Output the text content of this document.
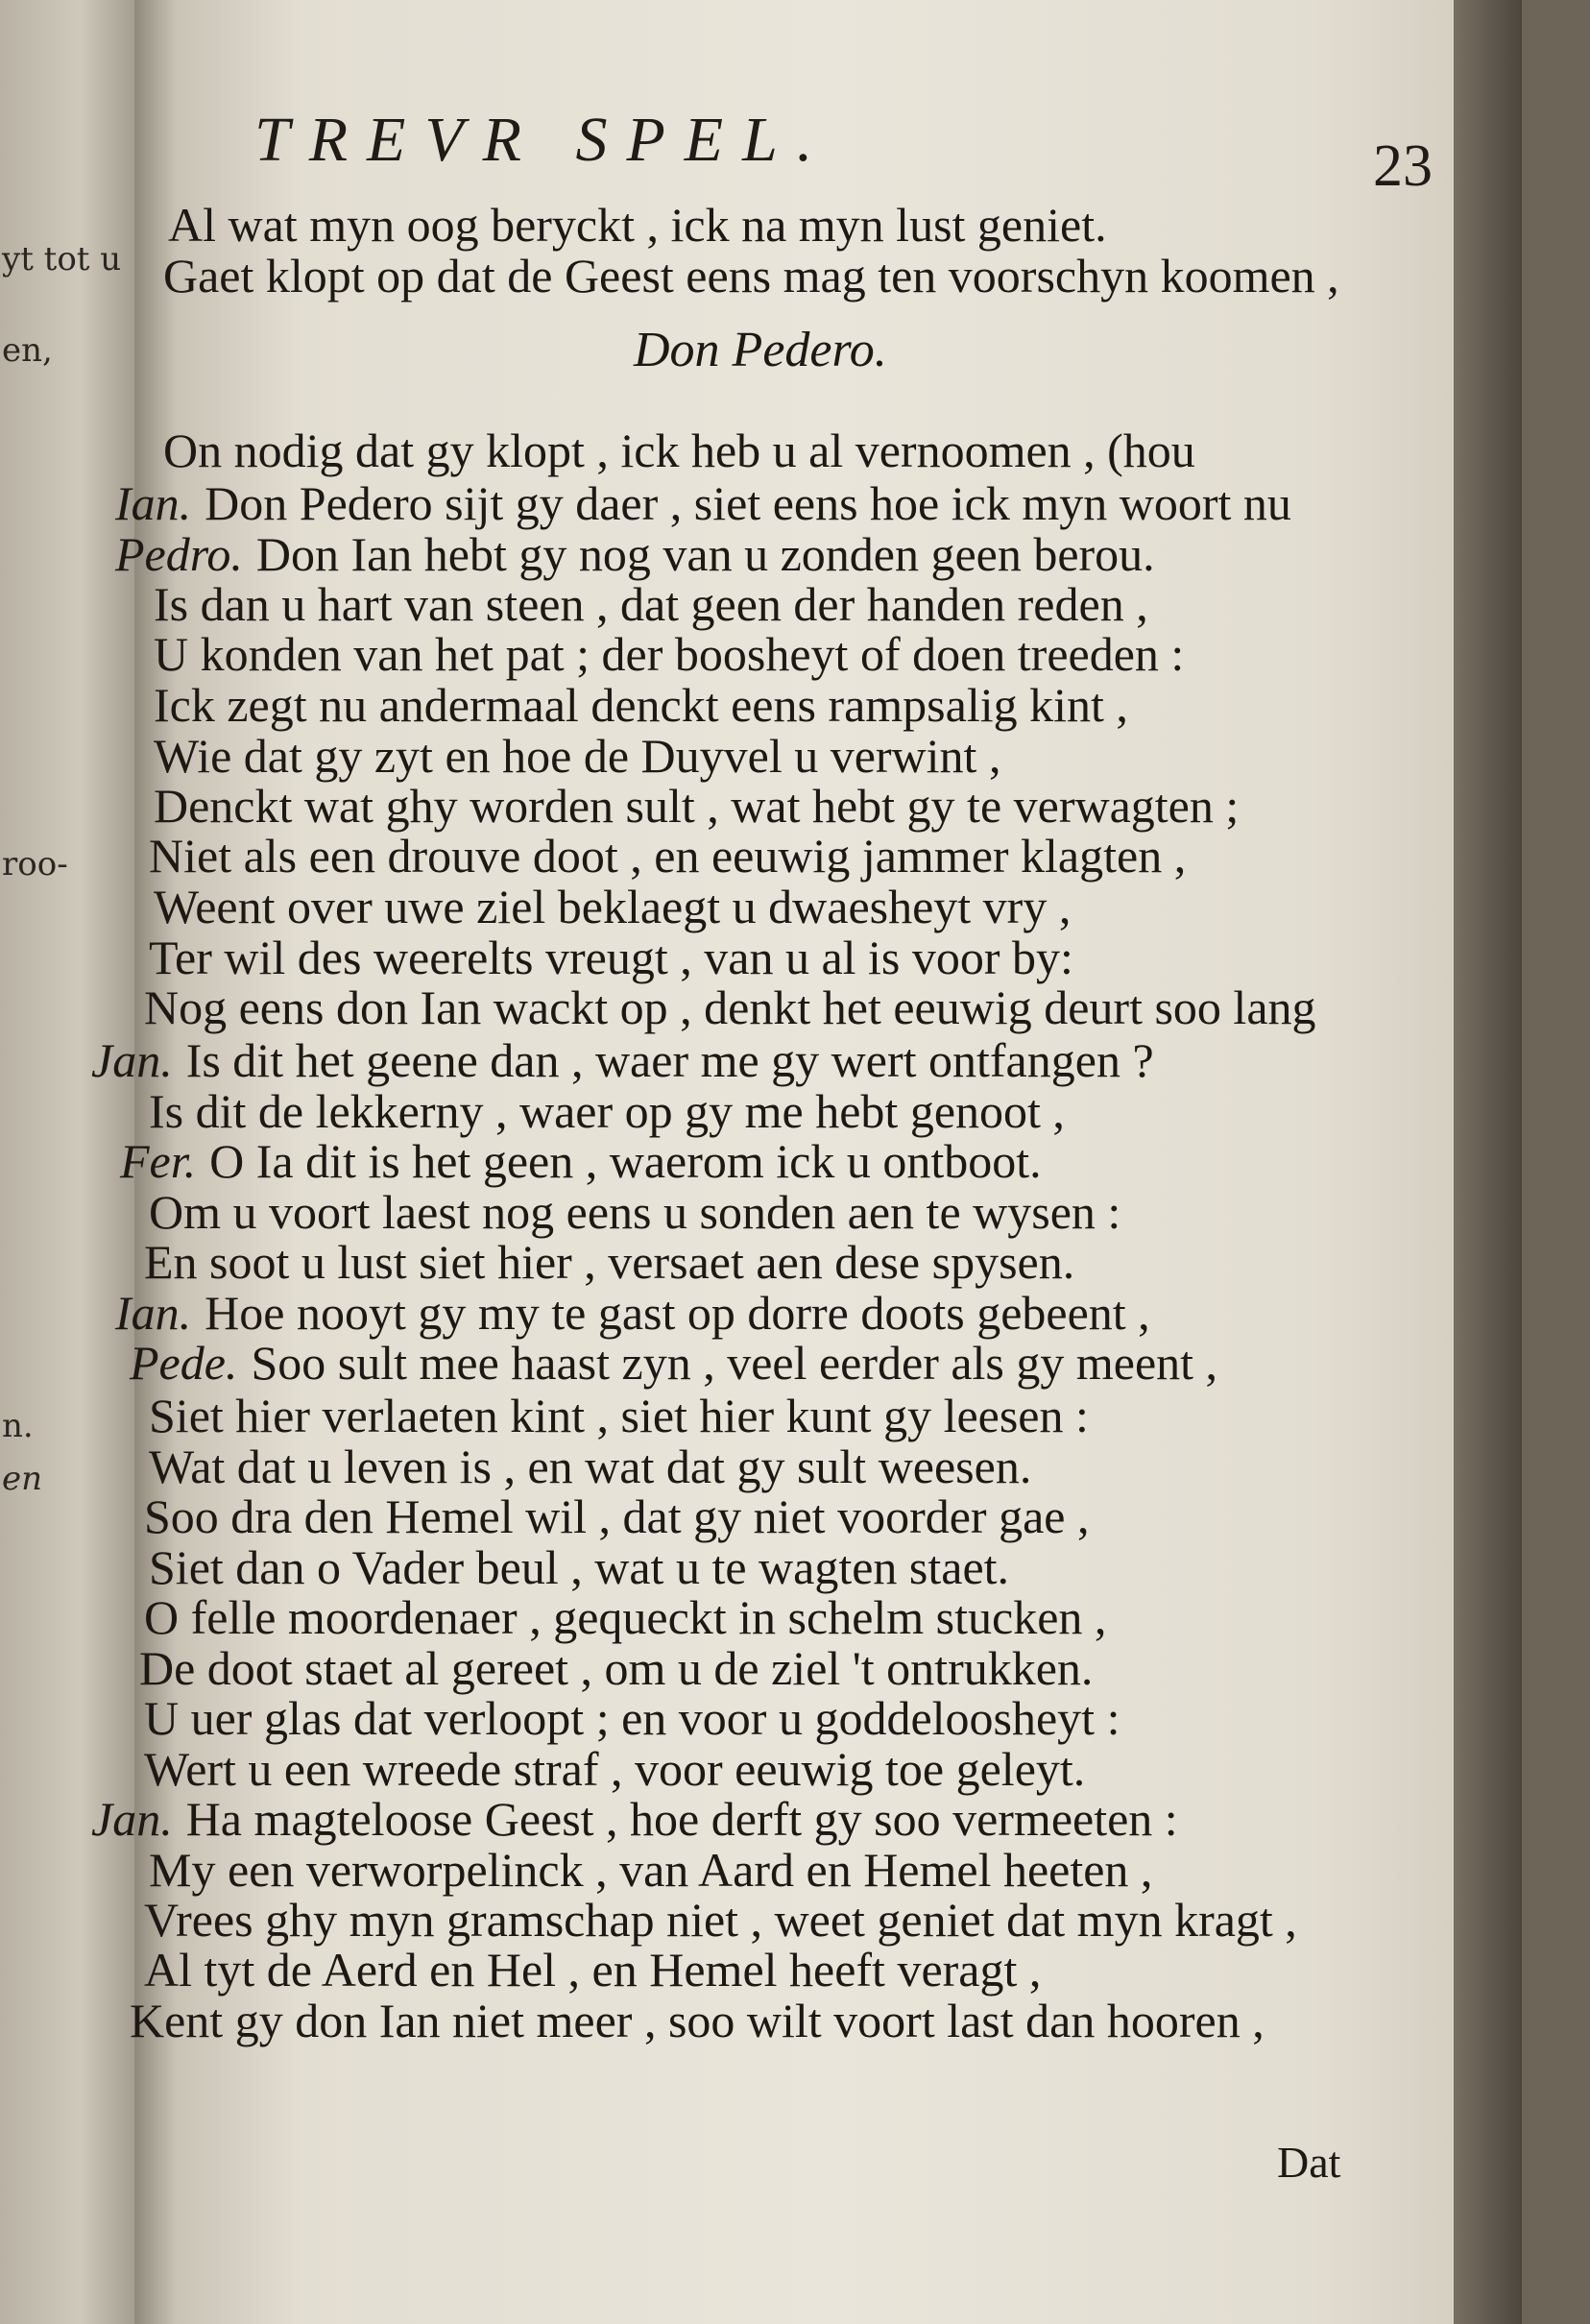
yt tot u
en,
roo-
n.
en
TREVR SPEL.	23
Don Pedero.
Al wat myn oog beryckt , ick na myn lust geniet.
Gaet klopt op dat de Geest eens mag ten voorschyn koomen ,
On nodig dat gy klopt , ick heb u al vernoomen , (hou
Ian. Don Pedero sijt gy daer , siet eens hoe ick myn woort nu
Pedro. Don Ian hebt gy nog van u zonden geen berou.
Is dan u hart van steen , dat geen der handen reden ,
U konden van het pat ; der boosheyt of doen treeden :
Ick zegt nu andermaal denckt eens rampsalig kint ,
Wie dat gy zyt en hoe de Duyvel u verwint ,
Denckt wat ghy worden sult , wat hebt gy te verwagten ;
Niet als een drouve doot , en eeuwig jammer klagten ,
Weent over uwe ziel beklaegt u dwaesheyt vry ,
Ter wil des weerelts vreugt , van u al is voor by:
Nog eens don Ian wackt op , denkt het eeuwig deurt soo lang
Jan. Is dit het geene dan , waer me gy wert ontfangen ?
Is dit de lekkerny , waer op gy me hebt genoot ,
Fer. O Ia dit is het geen , waerom ick u ontboot.
Om u voort laest nog eens u sonden aen te wysen :
En soot u lust siet hier , versaet aen dese spysen.
Ian. Hoe nooyt gy my te gast op dorre doots gebeent ,
Pede. Soo sult mee haast zyn , veel eerder als gy meent ,
Siet hier verlaeten kint , siet hier kunt gy leesen :
Wat dat u leven is , en wat dat gy sult weesen.
Soo dra den Hemel wil , dat gy niet voorder gae ,
Siet dan o Vader beul , wat u te wagten staet.
O felle moordenaer , gequeckt in schelm stucken ,
De doot staet al gereet , om u de ziel 't ontrukken.
U uer glas dat verloopt ; en voor u goddeloosheyt :
Wert u een wreede straf , voor eeuwig toe geleyt.
Jan. Ha magteloose Geest , hoe derft gy soo vermeeten :
My een verworpelinck , van Aard en Hemel heeten ,
Vrees ghy myn gramschap niet , weet geniet dat myn kragt ,
Al tyt de Aerd en Hel , en Hemel heeft veragt ,
Kent gy don Ian niet meer , soo wilt voort last dan hooren ,
Dat
